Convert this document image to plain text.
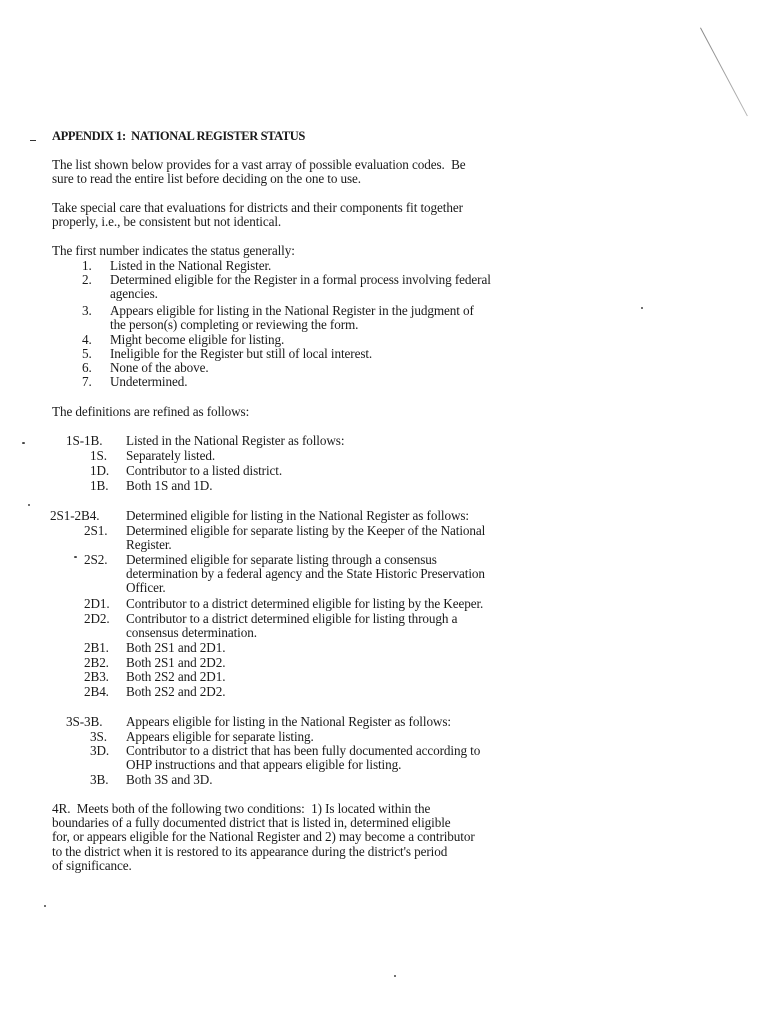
APPENDIX 1:  NATIONAL REGISTER STATUS
The list shown below provides for a vast array of possible evaluation codes.  Be
sure to read the entire list before deciding on the one to use.
Take special care that evaluations for districts and their components fit together
properly, i.e., be consistent but not identical.
The first number indicates the status generally:
1. Listed in the National Register.
2. Determined eligible for the Register in a formal process involving federal
agencies.
3. Appears eligible for listing in the National Register in the judgment of
the person(s) completing or reviewing the form.
4. Might become eligible for listing.
5. Ineligible for the Register but still of local interest.
6. None of the above.
7. Undetermined.
The definitions are refined as follows:
1S-1B. Listed in the National Register as follows:
1S. Separately listed.
1D. Contributor to a listed district.
1B. Both 1S and 1D.
2S1-2B4. Determined eligible for listing in the National Register as follows:
2S1. Determined eligible for separate listing by the Keeper of the National
Register.
2S2. Determined eligible for separate listing through a consensus
determination by a federal agency and the State Historic Preservation
Officer.
2D1. Contributor to a district determined eligible for listing by the Keeper.
2D2. Contributor to a district determined eligible for listing through a
consensus determination.
2B1. Both 2S1 and 2D1.
2B2. Both 2S1 and 2D2.
2B3. Both 2S2 and 2D1.
2B4. Both 2S2 and 2D2.
3S-3B. Appears eligible for listing in the National Register as follows:
3S. Appears eligible for separate listing.
3D. Contributor to a district that has been fully documented according to
OHP instructions and that appears eligible for listing.
3B. Both 3S and 3D.
4R.  Meets both of the following two conditions:  1) Is located within the
boundaries of a fully documented district that is listed in, determined eligible
for, or appears eligible for the National Register and 2) may become a contributor
to the district when it is restored to its appearance during the district's period
of significance.
